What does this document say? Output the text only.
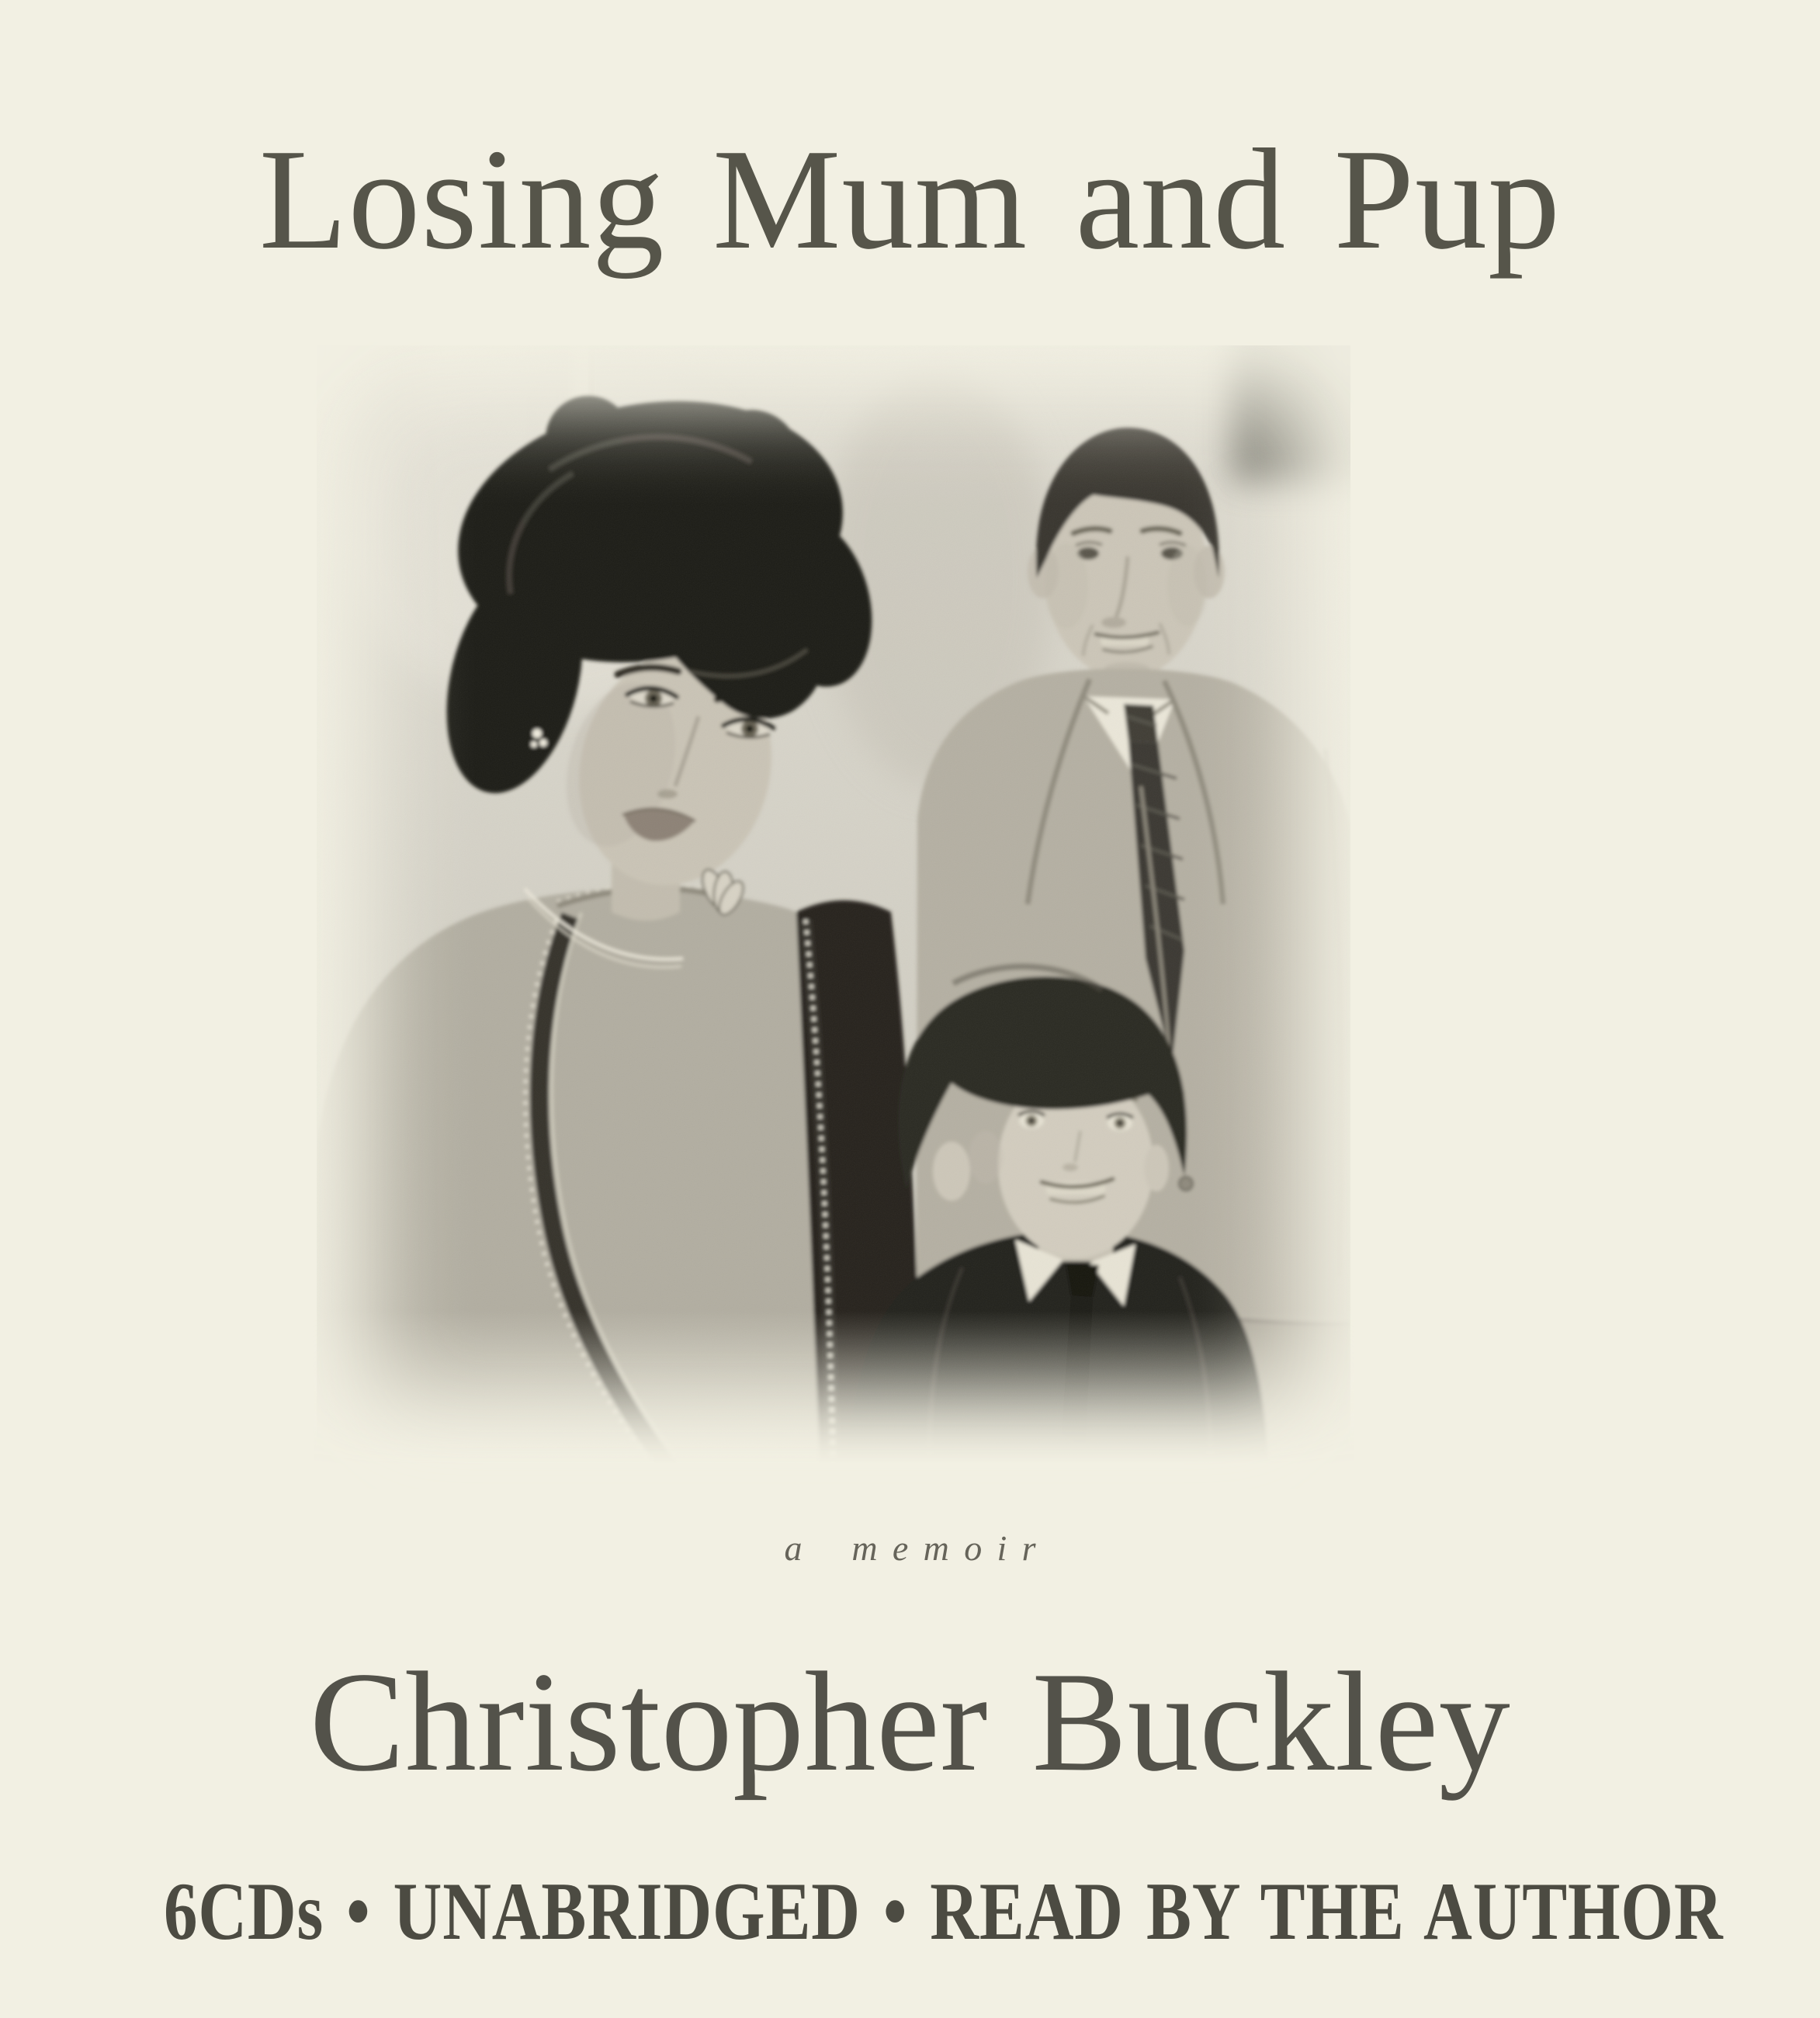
Losing Mum and Pup
a memoir
Christopher Buckley
6CDs • UNABRIDGED • READ BY THE AUTHOR
